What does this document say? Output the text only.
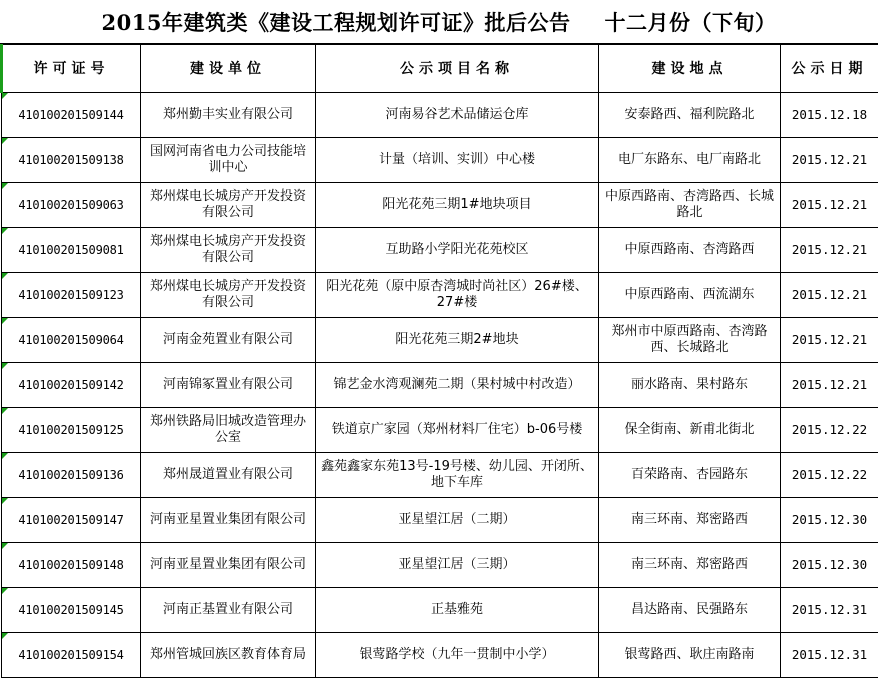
2015年建筑类《建设工程规划许可证》批后公告 十二月份（下旬）
许可证号	建设单位	公示项目名称	建设地点	公示日期
410100201509144	郑州勤丰实业有限公司	河南易谷艺术品储运仓库	安泰路西、福利院路北	2015.12.18
410100201509138	国网河南省电力公司技能培训中心	计量（培训、实训）中心楼	电厂东路东、电厂南路北	2015.12.21
410100201509063	郑州煤电长城房产开发投资有限公司	阳光花苑三期1#地块项目	中原西路南、杏湾路西、长城路北	2015.12.21
410100201509081	郑州煤电长城房产开发投资有限公司	互助路小学阳光花苑校区	中原西路南、杏湾路西	2015.12.21
410100201509123	郑州煤电长城房产开发投资有限公司	阳光花苑（原中原杏湾城时尚社区）26#楼、27#楼	中原西路南、西流湖东	2015.12.21
410100201509064	河南金苑置业有限公司	阳光花苑三期2#地块	郑州市中原西路南、杏湾路西、长城路北	2015.12.21
410100201509142	河南锦冢置业有限公司	锦艺金水湾观澜苑二期（果村城中村改造）	丽水路南、果村路东	2015.12.21
410100201509125	郑州铁路局旧城改造管理办公室	铁道京广家园（郑州材料厂住宅）b-06号楼	保全街南、新甫北街北	2015.12.22
410100201509136	郑州晟道置业有限公司	鑫苑鑫家东苑13号-19号楼、幼儿园、开闭所、地下车库	百荣路南、杏园路东	2015.12.22
410100201509147	河南亚星置业集团有限公司	亚星望江居（二期）	南三环南、郑密路西	2015.12.30
410100201509148	河南亚星置业集团有限公司	亚星望江居（三期）	南三环南、郑密路西	2015.12.30
410100201509145	河南正基置业有限公司	正基雅苑	昌达路南、民强路东	2015.12.31
410100201509154	郑州管城回族区教育体育局	银莺路学校（九年一贯制中小学）	银莺路西、耿庄南路南	2015.12.31
